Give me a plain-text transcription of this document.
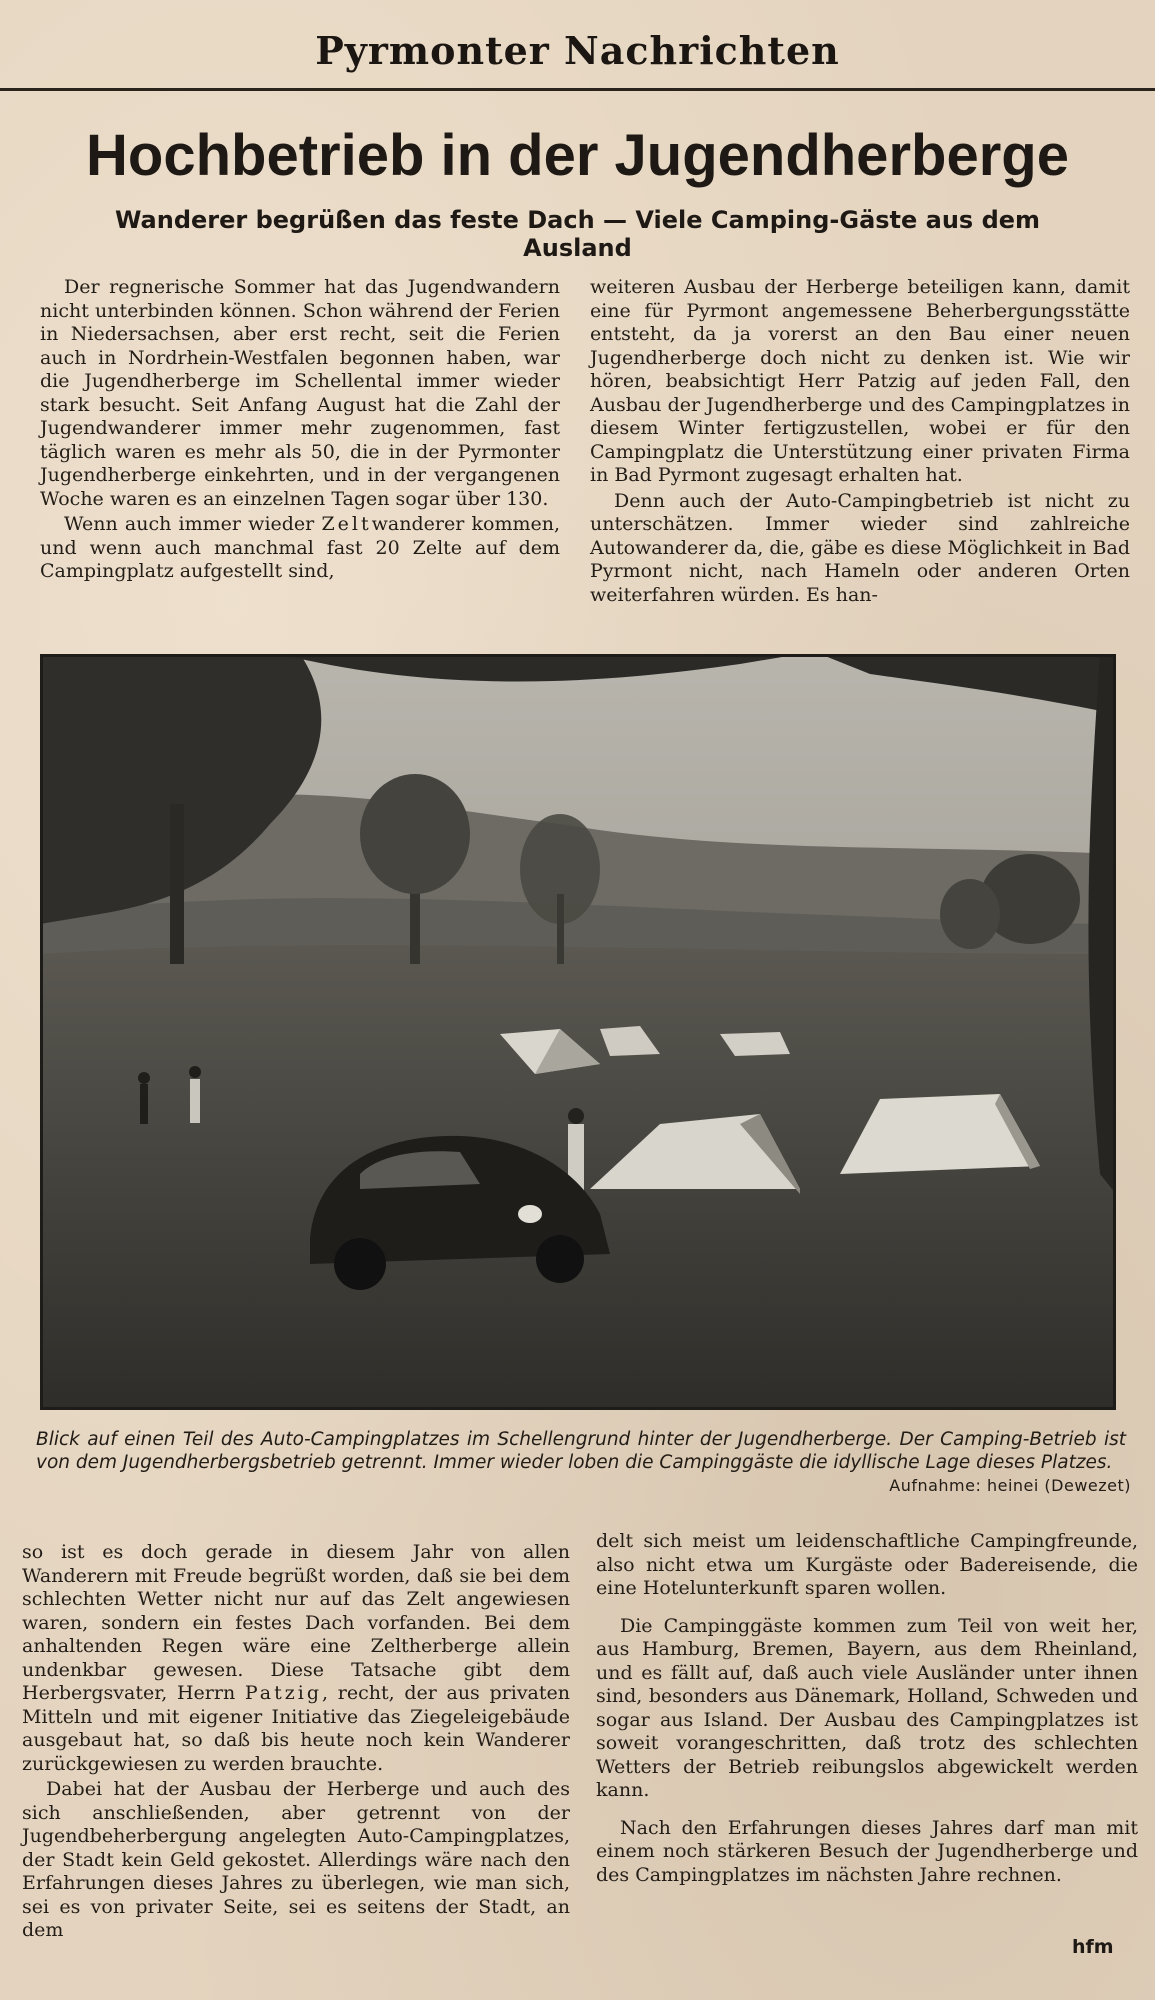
Pyrmonter Nachrichten
Hochbetrieb in der Jugendherberge
Wanderer begrüßen das feste Dach — Viele Camping-Gäste aus dem Ausland

Der regnerische Sommer hat das Jugendwandern nicht unterbinden können. Schon während der Ferien in Niedersachsen, aber erst recht, seit die Ferien auch in Nordrhein-Westfalen begonnen haben, war die Jugendherberge im Schellental immer wieder stark besucht. Seit Anfang August hat die Zahl der Jugendwanderer immer mehr zugenommen, fast täglich waren es mehr als 50, die in der Pyrmonter Jugendherberge einkehrten, und in der vergangenen Woche waren es an einzelnen Tagen sogar über 130.

Wenn auch immer wieder Zeltwanderer kommen, und wenn auch manchmal fast 20 Zelte auf dem Campingplatz aufgestellt sind,

weiteren Ausbau der Herberge beteiligen kann, damit eine für Pyrmont angemessene Beherbergungsstätte entsteht, da ja vorerst an den Bau einer neuen Jugendherberge doch nicht zu denken ist. Wie wir hören, beabsichtigt Herr Patzig auf jeden Fall, den Ausbau der Jugendherberge und des Campingplatzes in diesem Winter fertigzustellen, wobei er für den Campingplatz die Unterstützung einer privaten Firma in Bad Pyrmont zugesagt erhalten hat.

Denn auch der Auto-Campingbetrieb ist nicht zu unterschätzen. Immer wieder sind zahlreiche Autowanderer da, die, gäbe es diese Möglichkeit in Bad Pyrmont nicht, nach Hameln oder anderen Orten weiterfahren würden. Es han-

Blick auf einen Teil des Auto-Campingplatzes im Schellengrund hinter der Jugendherberge. Der Camping-Betrieb ist von dem Jugendherbergsbetrieb getrennt. Immer wieder loben die Campinggäste die idyllische Lage dieses Platzes.
Aufnahme: heinei (Dewezet)

so ist es doch gerade in diesem Jahr von allen Wanderern mit Freude begrüßt worden, daß sie bei dem schlechten Wetter nicht nur auf das Zelt angewiesen waren, sondern ein festes Dach vorfanden. Bei dem anhaltenden Regen wäre eine Zeltherberge allein undenkbar gewesen. Diese Tatsache gibt dem Herbergsvater, Herrn Patzig, recht, der aus privaten Mitteln und mit eigener Initiative das Ziegeleigebäude ausgebaut hat, so daß bis heute noch kein Wanderer zurückgewiesen zu werden brauchte.

Dabei hat der Ausbau der Herberge und auch des sich anschließenden, aber getrennt von der Jugendbeherbergung angelegten Auto-Campingplatzes, der Stadt kein Geld gekostet. Allerdings wäre nach den Erfahrungen dieses Jahres zu überlegen, wie man sich, sei es von privater Seite, sei es seitens der Stadt, an dem

delt sich meist um leidenschaftliche Campingfreunde, also nicht etwa um Kurgäste oder Badereisende, die eine Hotelunterkunft sparen wollen.

Die Campinggäste kommen zum Teil von weit her, aus Hamburg, Bremen, Bayern, aus dem Rheinland, und es fällt auf, daß auch viele Ausländer unter ihnen sind, besonders aus Dänemark, Holland, Schweden und sogar aus Island. Der Ausbau des Campingplatzes ist soweit vorangeschritten, daß trotz des schlechten Wetters der Betrieb reibungslos abgewickelt werden kann.

Nach den Erfahrungen dieses Jahres darf man mit einem noch stärkeren Besuch der Jugendherberge und des Campingplatzes im nächsten Jahre rechnen.

hfm
